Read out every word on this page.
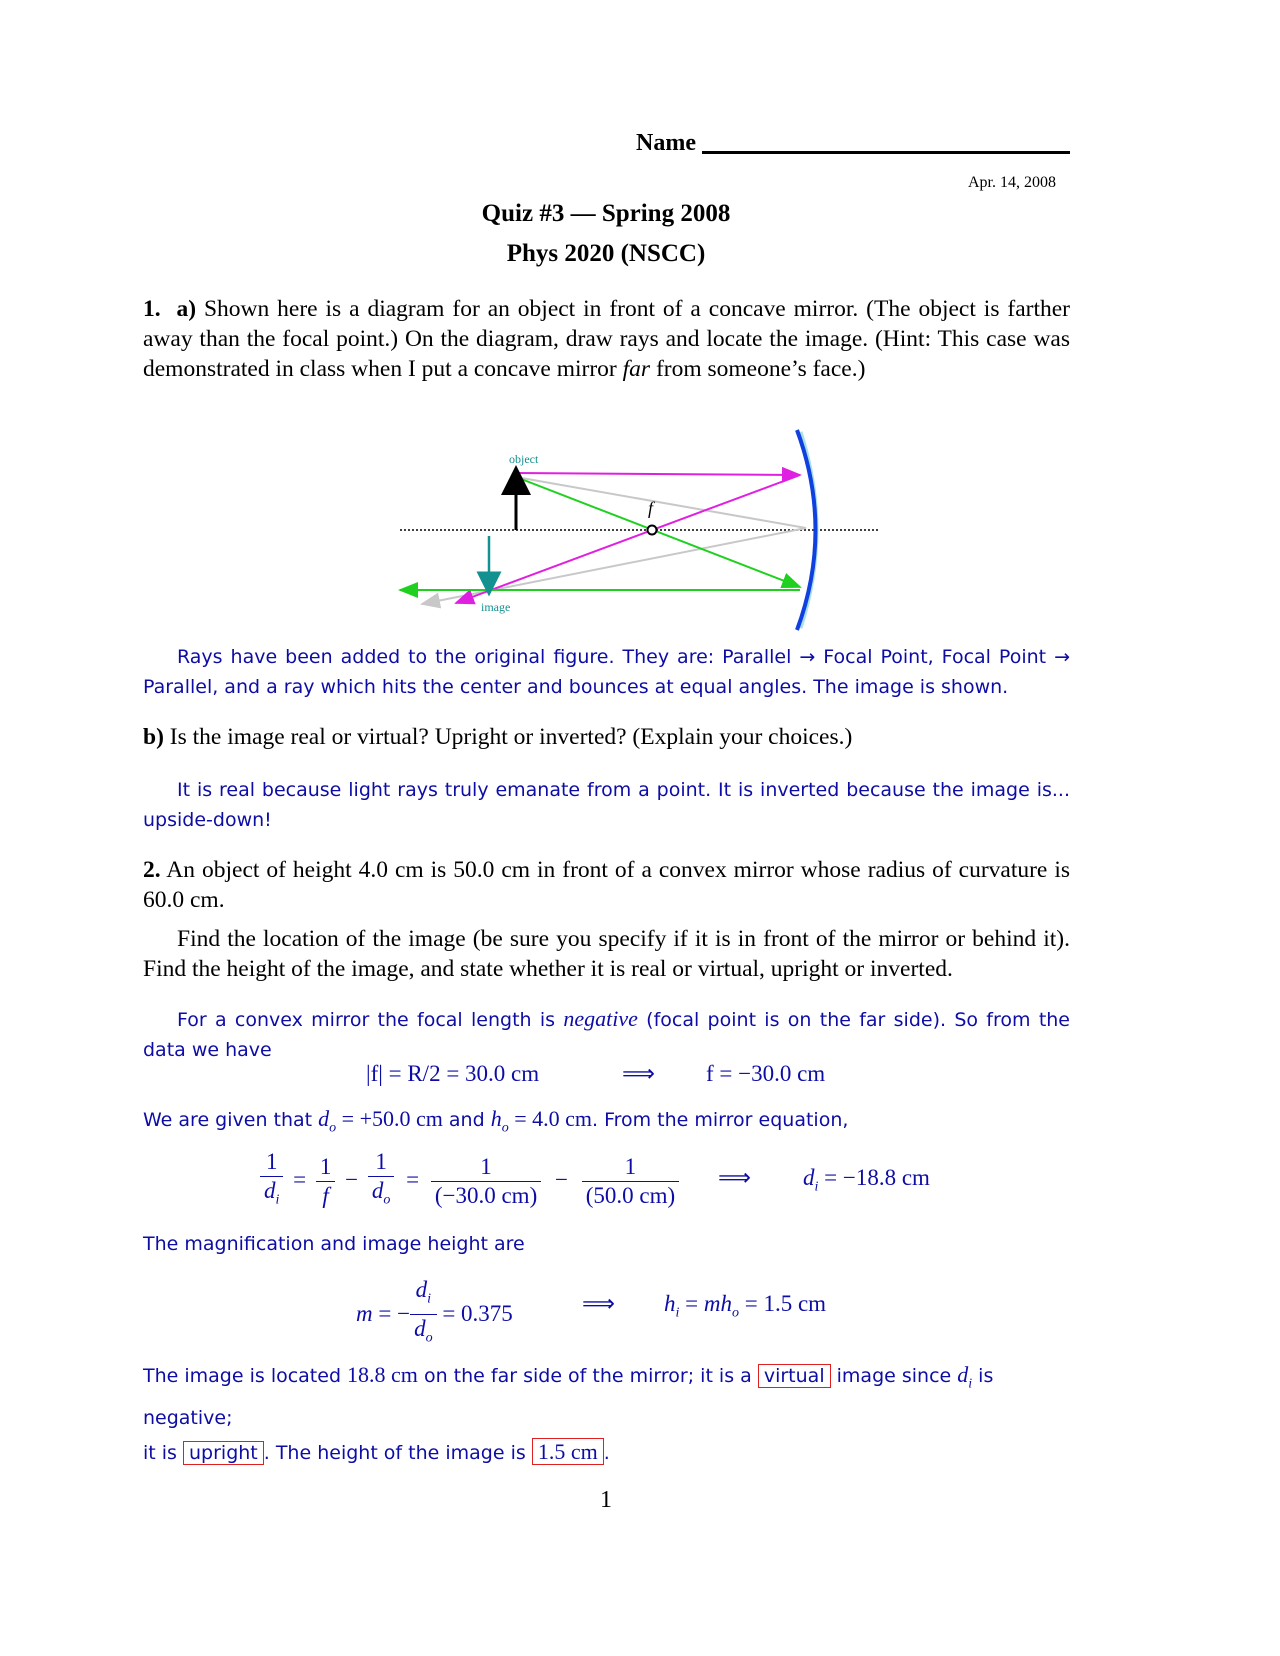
Name
Apr. 14, 2008
Quiz #3 — Spring 2008
Phys 2020 (NSCC)
1. a) Shown here is a diagram for an object in front of a concave mirror. (The object is farther away than the focal point.) On the diagram, draw rays and locate the image. (Hint: This case was demonstrated in class when I put a concave mirror far from someone’s face.)
object
f
image
Rays have been added to the original figure. They are: Parallel → Focal Point, Focal Point → Parallel, and a ray which hits the center and bounces at equal angles. The image is shown.
b) Is the image real or virtual? Upright or inverted? (Explain your choices.)
It is real because light rays truly emanate from a point. It is inverted because the image is... upside-down!
2. An object of height 4.0 cm is 50.0 cm in front of a convex mirror whose radius of curvature is 60.0 cm.
Find the location of the image (be sure you specify if it is in front of the mirror or behind it). Find the height of the image, and state whether it is real or virtual, upright or inverted.
For a convex mirror the focal length is negative (focal point is on the far side). So from the data we have
|f| = R/2 = 30.0 cm	⟹ f = −30.0 cm
We are given that $d_o = +50.0$ cm and $h_o = 4.0$ cm. From the mirror equation,
$\frac{1}{d_i} = \frac{1}{f} - \frac{1}{d_o} = \frac{1}{(-30.0 cm)} - \frac{1}{(50.0 cm)}$ ⟹ $d_i = -18.8$ cm
The magnification and image height are
m = − $\frac{d_i}{d_o} = 0.375$	⟹ $h_i = mh_o = 1.5$ cm
The image is located 18.8 cm on the far side of the mirror; it is a virtual image since $d_i$ is negative;
it is upright . The height of the image is 1.5 cm .
1
